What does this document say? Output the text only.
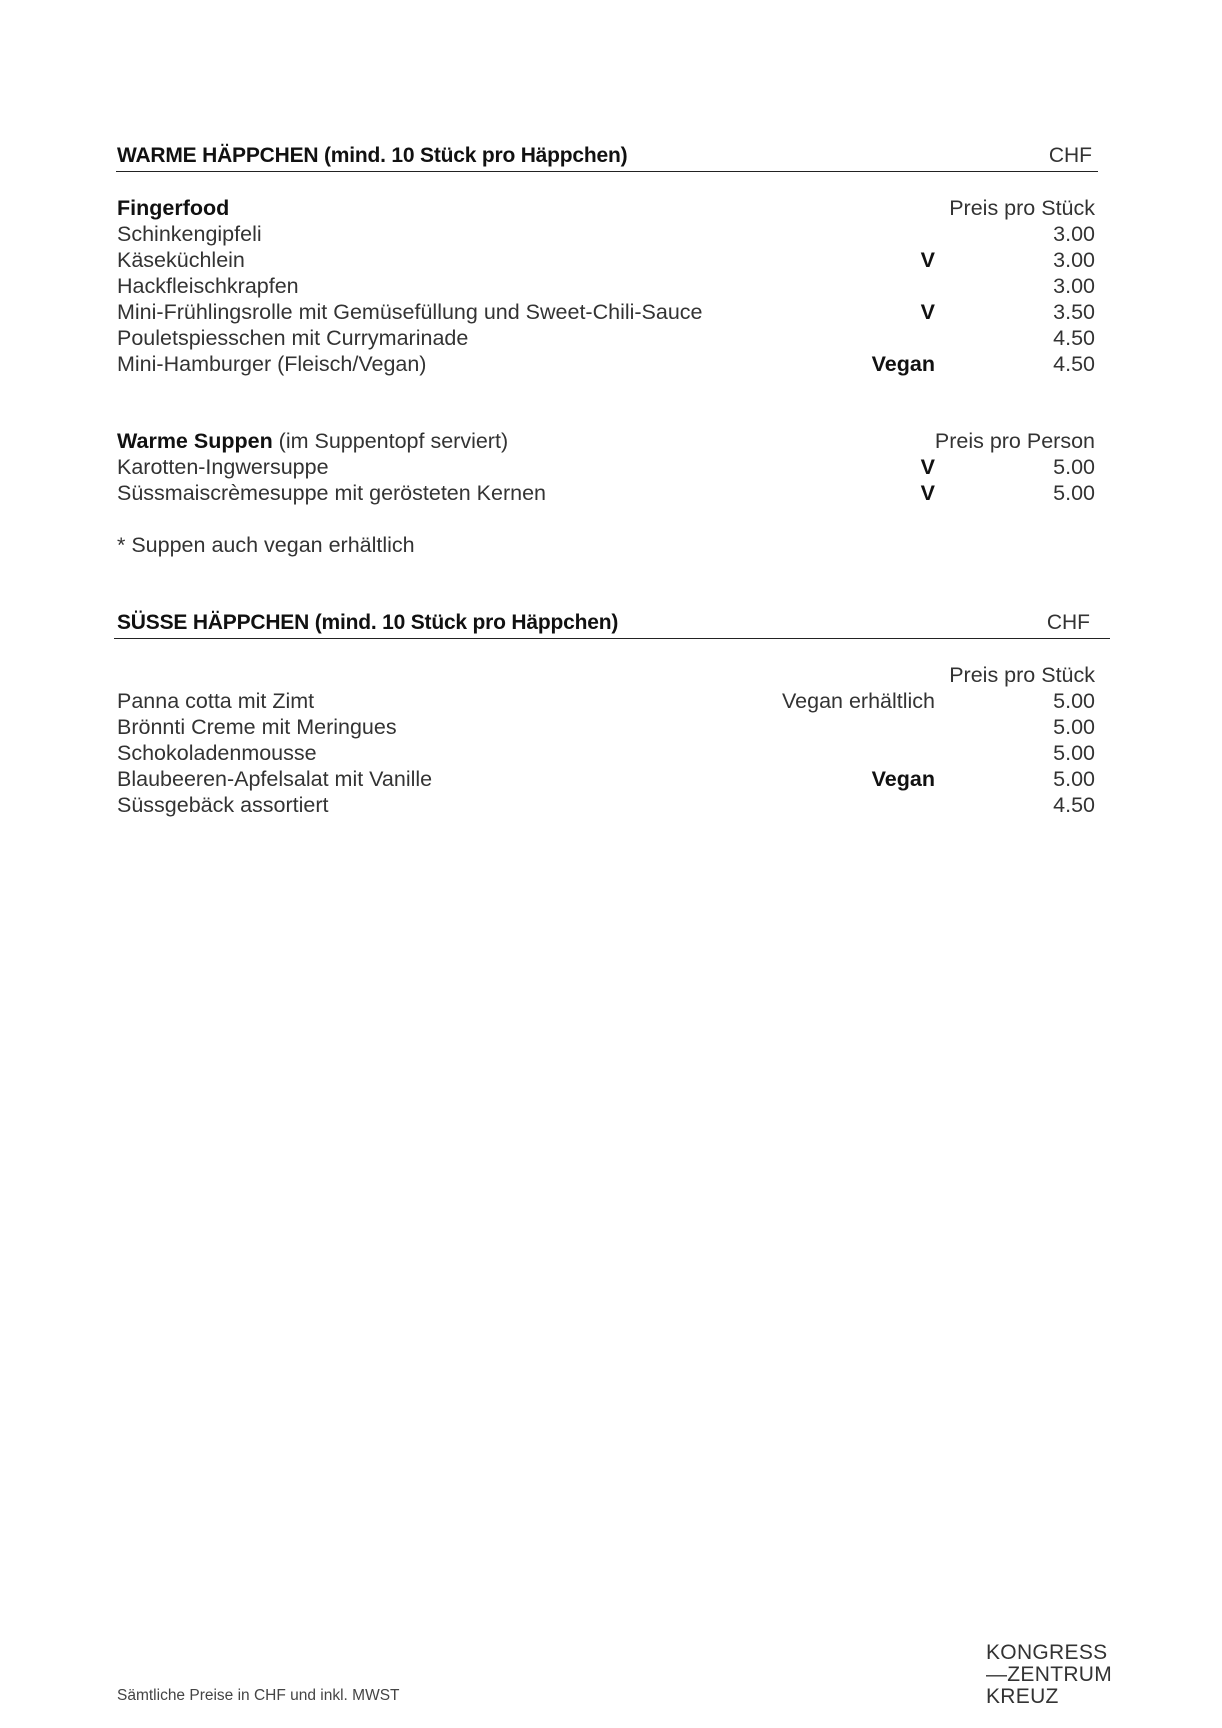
WARME HÄPPCHEN (mind. 10 Stück pro Häppchen)	CHF
Fingerfood	Preis pro Stück
Schinkengipfeli	3.00
Käseküchlein	V	3.00
Hackfleischkrapfen	3.00
Mini-Frühlingsrolle mit Gemüsefüllung und Sweet-Chili-Sauce	V	3.50
Pouletspiesschen mit Currymarinade	4.50
Mini-Hamburger (Fleisch/Vegan)	Vegan	4.50
Warme Suppen (im Suppentopf serviert)	Preis pro Person
Karotten-Ingwersuppe	V	5.00
Süssmaiscrèmesuppe mit gerösteten Kernen	V	5.00
* Suppen auch vegan erhältlich
SÜSSE HÄPPCHEN (mind. 10 Stück pro Häppchen)	CHF
Preis pro Stück
Panna cotta mit Zimt	Vegan erhältlich	5.00
Brönnti Creme mit Meringues	5.00
Schokoladenmousse	5.00
Blaubeeren-Apfelsalat mit Vanille	Vegan	5.00
Süssgebäck assortiert	4.50
Sämtliche Preise in CHF und inkl. MWST
KONGRESS
—ZENTRUM
KREUZ
